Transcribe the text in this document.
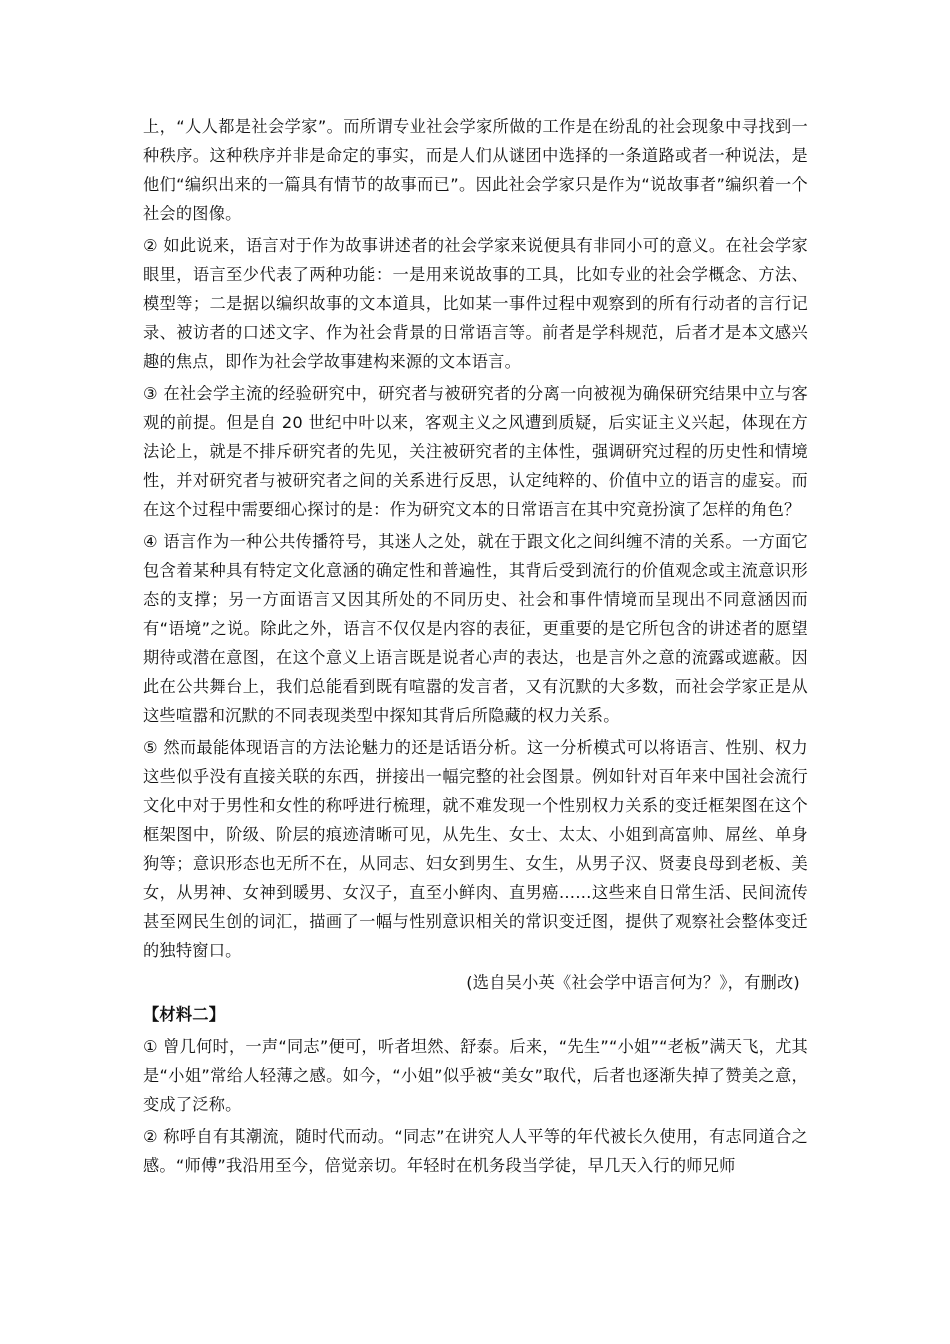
上，“人人都是社会学家”。而所谓专业社会学家所做的工作是在纷乱的社会现象中寻找到一种秩序。这种秩序并非是命定的事实，而是人们从谜团中选择的一条道路或者一种说法，是他们“编织出来的一篇具有情节的故事而已”。因此社会学家只是作为“说故事者”编织着一个社会的图像。

② 如此说来，语言对于作为故事讲述者的社会学家来说便具有非同小可的意义。在社会学家眼里，语言至少代表了两种功能：一是用来说故事的工具，比如专业的社会学概念、方法、模型等；二是据以编织故事的文本道具，比如某一事件过程中观察到的所有行动者的言行记录、被访者的口述文字、作为社会背景的日常语言等。前者是学科规范，后者才是本文感兴趣的焦点，即作为社会学故事建构来源的文本语言。

③ 在社会学主流的经验研究中，研究者与被研究者的分离一向被视为确保研究结果中立与客观的前提。但是自 20 世纪中叶以来，客观主义之风遭到质疑，后实证主义兴起，体现在方法论上，就是不排斥研究者的先见，关注被研究者的主体性，强调研究过程的历史性和情境性，并对研究者与被研究者之间的关系进行反思，认定纯粹的、价值中立的语言的虚妄。而在这个过程中需要细心探讨的是：作为研究文本的日常语言在其中究竟扮演了怎样的角色？

④ 语言作为一种公共传播符号，其迷人之处，就在于跟文化之间纠缠不清的关系。一方面它包含着某种具有特定文化意涵的确定性和普遍性，其背后受到流行的价值观念或主流意识形态的支撑；另一方面语言又因其所处的不同历史、社会和事件情境而呈现出不同意涵因而有“语境”之说。除此之外，语言不仅仅是内容的表征，更重要的是它所包含的讲述者的愿望期待或潜在意图，在这个意义上语言既是说者心声的表达，也是言外之意的流露或遮蔽。因此在公共舞台上，我们总能看到既有喧嚣的发言者，又有沉默的大多数，而社会学家正是从这些喧嚣和沉默的不同表现类型中探知其背后所隐藏的权力关系。

⑤ 然而最能体现语言的方法论魅力的还是话语分析。这一分析模式可以将语言、性别、权力这些似乎没有直接关联的东西，拼接出一幅完整的社会图景。例如针对百年来中国社会流行文化中对于男性和女性的称呼进行梳理，就不难发现一个性别权力关系的变迁框架图在这个框架图中，阶级、阶层的痕迹清晰可见，从先生、女士、太太、小姐到高富帅、屌丝、单身狗等；意识形态也无所不在，从同志、妇女到男生、女生，从男子汉、贤妻良母到老板、美女，从男神、女神到暖男、女汉子，直至小鲜肉、直男癌……这些来自日常生活、民间流传甚至网民生创的词汇，描画了一幅与性别意识相关的常识变迁图，提供了观察社会整体变迁的独特窗口。

(选自吴小英《社会学中语言何为？》，有删改)

【材料二】

① 曾几何时，一声“同志”便可，听者坦然、舒泰。后来，“先生”“小姐”“老板”满天飞，尤其是“小姐”常给人轻薄之感。如今，“小姐”似乎被“美女”取代，后者也逐渐失掉了赞美之意，变成了泛称。

② 称呼自有其潮流，随时代而动。“同志”在讲究人人平等的年代被长久使用，有志同道合之感。“师傅”我沿用至今，倍觉亲切。年轻时在机务段当学徒，早几天入行的师兄师
